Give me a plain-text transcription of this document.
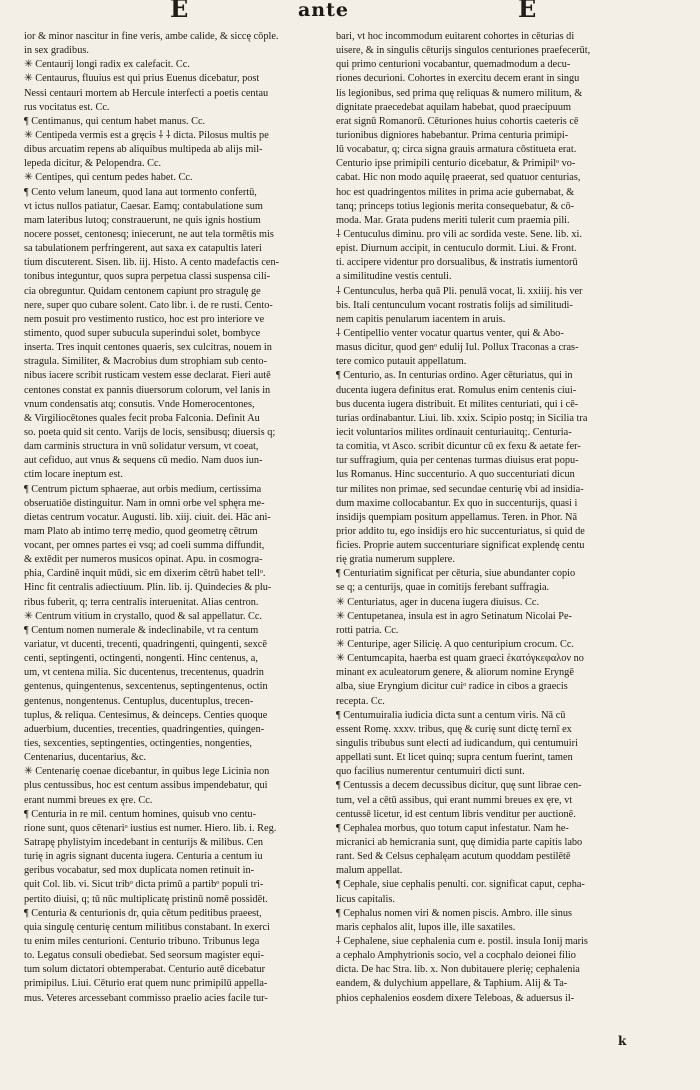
E	ante	E
ior & minor nascitur in fine veris, ambe calide, & siccę cōple.
in sex gradibus.
✳ Centaurij longi radix ex calefacit. Cc.
✳ Centaurus, fluuius est qui prius Euenus dicebatur, post
Nessi centauri mortem ab Hercule interfecti a poetis centau
rus vocitatus est. Cc.
¶ Centimanus, qui centum habet manus. Cc.
✳ Centipeda vermis est a gręcis ⸸ ⸸ dicta. Pilosus multis pe
dibus arcuatim repens ab aliquibus multipeda ab alijs mil-
lepeda dicitur, & Pelopendra. Cc.
✳ Centipes, qui centum pedes habet. Cc.
¶ Cento velum laneum, quod lana aut tormento confertū,
vt ictus nullos patiatur, Caesar. Eamq; contabulatione sum
mam lateribus lutoq; constrauerunt, ne quis ignis hostium
nocere posset, centonesq; iniecerunt, ne aut tela tormētis mis
sa tabulationem perfringerent, aut saxa ex catapultis lateri
tium discuterent. Sisen. lib. iij. Histo. A cento madefactis cen-
tonibus integuntur, quos supra perpetua classi suspensa cilí-
cia obreguntur. Quidam centonem capiunt pro stragulę ge
nere, super quo cubare solent. Cato libr. i. de re rusti. Cento-
nem posuit pro vestimento rustico, hoc est pro interiore ve
stimento, quod super subucula superindui solet, bombyce
inserta. Tres inquit centones quaeris, sex culcitras, nouem in
stragula. Similiter, & Macrobius dum strophiam sub cento-
nibus iacere scribit rusticam vestem esse declarat. Fieri autē
centones constat ex pannis diuersorum colorum, vel lanis in
vnum condensatis atq; consutis. Vnde Homerocentones,
& Virgiliocētones quales fecit proba Falconia. Definit Au
so. poeta quid sit cento. Varijs de locis, sensibusq; diuersis q;
dam carminis structura in vnū solidatur versum, vt coeat,
aut cefiduo, aut vnus & sequens cū medio. Nam duos iun-
ctim locare ineptum est.
¶ Centrum pictum sphaerae, aut orbis medium, certissima
obseruatiōe distinguitur. Nam in omni orbe vel sphęra me-
dietas centrum vocatur. Augusti. lib. xiij. ciuit. dei. Hāc ani-
mam Plato ab intimo terrę medio, quod geometrę cētrum
vocant, per omnes partes ei vsq; ad coeli summa diffundit,
& extēdit per numeros musicos opinat. Apu. in cosmogra-
phia, Cardinē inquit mūdi, sic em dixerim cētrū habet tellᵒ.
Hinc fit centralis adiectiuum. Plin. lib. ij. Quindecies & plu-
ribus fuberit, q; terra centralis interuenitat. Alias centron.
✳ Centrum vitium in crystallo, quod & sal appellatur. Cc.
¶ Centum nomen numerale & indeclinabile, vt ra centum
variatur, vt ducenti, trecenti, quadringenti, quingenti, sexcē
centi, septingenti, octingenti, nongenti. Hinc centenus, a,
um, vt centena milia. Sic ducentenus, trecentenus, quadrin
gentenus, quingentenus, sexcentenus, septingentenus, octin
gentenus, nongentenus. Centuplus, ducentuplus, trecen-
tuplus, & reliqua. Centesimus, & deinceps. Centies quoque
aduerbium, ducenties, trecenties, quadringenties, quingen-
ties, sexcenties, septingenties, octingenties, nongenties,
Centenarius, ducentarius, &c.
✳ Centenarię coenae dicebantur, in quibus lege Licinia non
plus centussibus, hoc est centum assibus impendebatur, qui
erant nummi breues ex ęre. Cc.
¶ Centuria in re mil. centum homines, quisub vno centu-
rione sunt, quos cētenariᵒ iustius est numer. Hiero. lib. i. Reg.
Satrapę phylistyim incedebant in centurijs & milibus. Cen
turię in agris signant ducenta iugera. Centuria a centum iu
geribus vocabatur, sed mox duplicata nomen retinuit in-
quit Col. lib. vi. Sicut tribᵒ dicta primū a partibᵒ populi tri-
pertito diuisi, q; tū nūc multiplicatę pristinū nomē possidēt.
¶ Centuria & centurionis dr, quia cētum peditibus praeest,
quia singulę centurię centum militibus constabant. In exerci
tu enim miles centurioni. Centurio tribuno. Tribunus lega
to. Legatus consuli obediebat. Sed seorsum magister equi-
tum solum dictatori obtemperabat. Centurio autē dicebatur
primipilus. Liui. Cēturio erat quem nunc primipilū appella-
mus. Veteres arcessebant commisso praelio acies facile tur-
bari, vt hoc incommodum euitarent cohortes in cēturias di
uisere, & in singulis cēturijs singulos centuriones praefecerūt,
qui primo centurioni vocabantur, quemadmodum a decu-
riones decurioni. Cohortes in exercitu decem erant in singu
lis legionibus, sed prima quę reliquas & numero militum, &
dignitate praecedebat aquilam habebat, quod praecipuum
erat signū Romanorū. Cēturiones huius cohortis caeteris cē
turionibus digniores habebantur. Prima centuria primipi-
lū vocabatur, q; circa signa grauis armatura cōstitueta erat.
Centurio ipse primipili centurio dicebatur, & Primipilᵒ vo-
cabat. Hic non modo aquilę praeerat, sed quatuor centurias,
hoc est quadringentos milites in prima acie gubernabat, &
tanq; princeps totius legionis merita consequebatur, & cō-
moda. Mar. Grata pudens meriti tulerit cum praemia pili.
⸸ Centuculus diminu. pro vili ac sordida veste. Sene. lib. xi.
epist. Diurnum accipit, in centuculo dormit. Liui. & Front.
ti. accipere videntur pro dorsualibus, & instratis iumentorū
a similitudine vestis centuli.
⸸ Centunculus, herba quā Pli. penulā vocat, li. xxiiij. his ver
bis. Itali centunculum vocant rostratis folijs ad similitudi-
nem capitis penularum iacentem in aruis.
⸸ Centipellio venter vocatur quartus venter, qui & Abo-
masus dicitur, quod genᵒ edulij Iul. Pollux Traconas a cras-
tere comico putauit appellatum.
¶ Centurio, as. In centurias ordino. Ager cēturiatus, qui in
ducenta iugera definitus erat. Romulus enim centenis ciui-
bus ducenta iugera distribuit. Et milites centuriati, qui i cē-
turias ordinabantur. Liui. lib. xxix. Scipio postq; in Sicilia tra
iecit voluntarios milites ordinauit centuriauitq;. Centuria-
ta comitia, vt Asco. scribit dicuntur cū ex fexu & aetate fer-
tur suffragium, quia per centenas turmas diuisus erat popu-
lus Romanus. Hinc succenturio. A quo succenturiati dicun
tur milites non primae, sed secundae centurię vbi ad insidia-
dum maxime collocabantur. Ex quo in succenturijs, quasi i
insidijs quempiam positum appellamus. Teren. in Phor. Nā
prior addito tu, ego insidijs ero hic succenturiatus, si quid de
ficies. Proprie autem succenturiare significat explendę centu
rię gratia numerum supplere.
¶ Centuriatim significat per cēturia, siue abundanter copio
se q; a centurijs, quae in comitijs ferebant suffragia.
✳ Centuriatus, ager in ducena iugera diuisus. Cc.
✳ Centupetanea, insula est in agro Setinatum Nicolai Pe-
rotti patria. Cc.
✳ Centuripe, ager Silicię. A quo centuripium crocum. Cc.
✳ Centumcapita, haerba est quam graeci ἑκατόγκεφαλον no
minant ex aculeatorum genere, & aliorum nomine Eryngē
alba, siue Eryngium dicitur cuiᵒ radice in cibos a graecis
recepta. Cc.
¶ Centumuiralia iudicia dicta sunt a centum viris. Nā cū
essent Romę. xxxv. tribus, quę & curię sunt dictę ternī ex
singulis tribubus sunt electi ad iudicandum, qui centumuiri
appellati sunt. Et licet quinq; supra centum fuerint, tamen
quo facilius numerentur centumuiri dicti sunt.
¶ Centussis a decem decussibus dicitur, quę sunt librae cen-
tum, vel a cētū assibus, qui erant nummi breues ex ęre, vt
centussē licetur, id est centum libris venditur per auctionē.
¶ Cephalea morbus, quo totum caput infestatur. Nam he-
micranici ab hemicrania sunt, quę dimidia parte capitis labo
rant. Sed & Celsus cephalęam acutum quoddam pestilētē
malum appellat.
¶ Cephale, siue cephalis penulti. cor. significat caput, cepha-
licus capitalis.
¶ Cephalus nomen viri & nomen piscis. Ambro. ille sinus
maris cephalos alit, lupos ille, ille saxatiles.
⸸ Cephalene, siue cephalenia cum e. postil. insula Ionij maris
a cephalo Amphytrionis socio, vel a cocphalo deionei filio
dicta. De hac Stra. lib. x. Non dubitauere plerię; cephalenia
eandem, & dulychium appellare, & Taphium. Alij & Ta-
phios cephalenios eosdem dixere Teleboas, & aduersus il-
k
